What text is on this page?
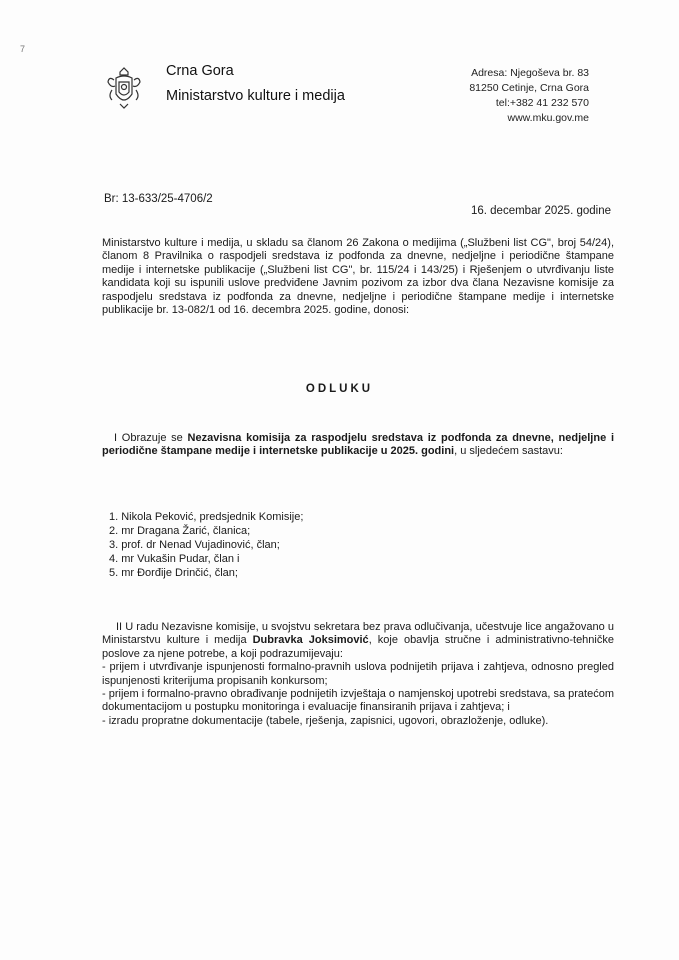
7
Crna Gora
Ministarstvo kulture i medija
Adresa: Njegoševa br. 83
81250 Cetinje, Crna Gora
tel:+382 41 232 570
www.mku.gov.me
Br: 13-633/25-4706/2
16. decembar 2025. godine
Ministarstvo kulture i medija, u skladu sa članom 26 Zakona o medijima („Službeni list CG", broj 54/24), članom 8 Pravilnika o raspodjeli sredstava iz podfonda za dnevne, nedjeljne i periodične štampane medije i internetske publikacije („Službeni list CG", br. 115/24 i 143/25) i Rješenjem o utvrđivanju liste kandidata koji su ispunili uslove predviđene Javnim pozivom za izbor dva člana Nezavisne komisije za raspodjelu sredstava iz podfonda za dnevne, nedjeljne i periodične štampane medije i internetske publikacije br. 13-082/1 od 16. decembra 2025. godine, donosi:
ODLUKU
I Obrazuje se Nezavisna komisija za raspodjelu sredstava iz podfonda za dnevne, nedjeljne i periodične štampane medije i internetske publikacije u 2025. godini, u sljedećem sastavu:
1. Nikola Peković, predsjednik Komisije;
2. mr Dragana Žarić, članica;
3. prof. dr Nenad Vujadinović, član;
4. mr Vukašin Pudar, član i
5. mr Đorđije Drinčić, član;
II U radu Nezavisne komisije, u svojstvu sekretara bez prava odlučivanja, učestvuje lice angažovano u Ministarstvu kulture i medija Dubravka Joksimović, koje obavlja stručne i administrativno-tehničke poslove za njene potrebe, a koji podrazumijevaju:
- prijem i utvrđivanje ispunjenosti formalno-pravnih uslova podnijetih prijava i zahtjeva, odnosno pregled ispunjenosti kriterijuma propisanih konkursom;
- prijem i formalno-pravno obrađivanje podnijetih izvještaja o namjenskoj upotrebi sredstava, sa pratećom dokumentacijom u postupku monitoringa i evaluacije finansiranih prijava i zahtjeva; i
- izradu propratne dokumentacije (tabele, rješenja, zapisnici, ugovori, obrazloženje, odluke).
